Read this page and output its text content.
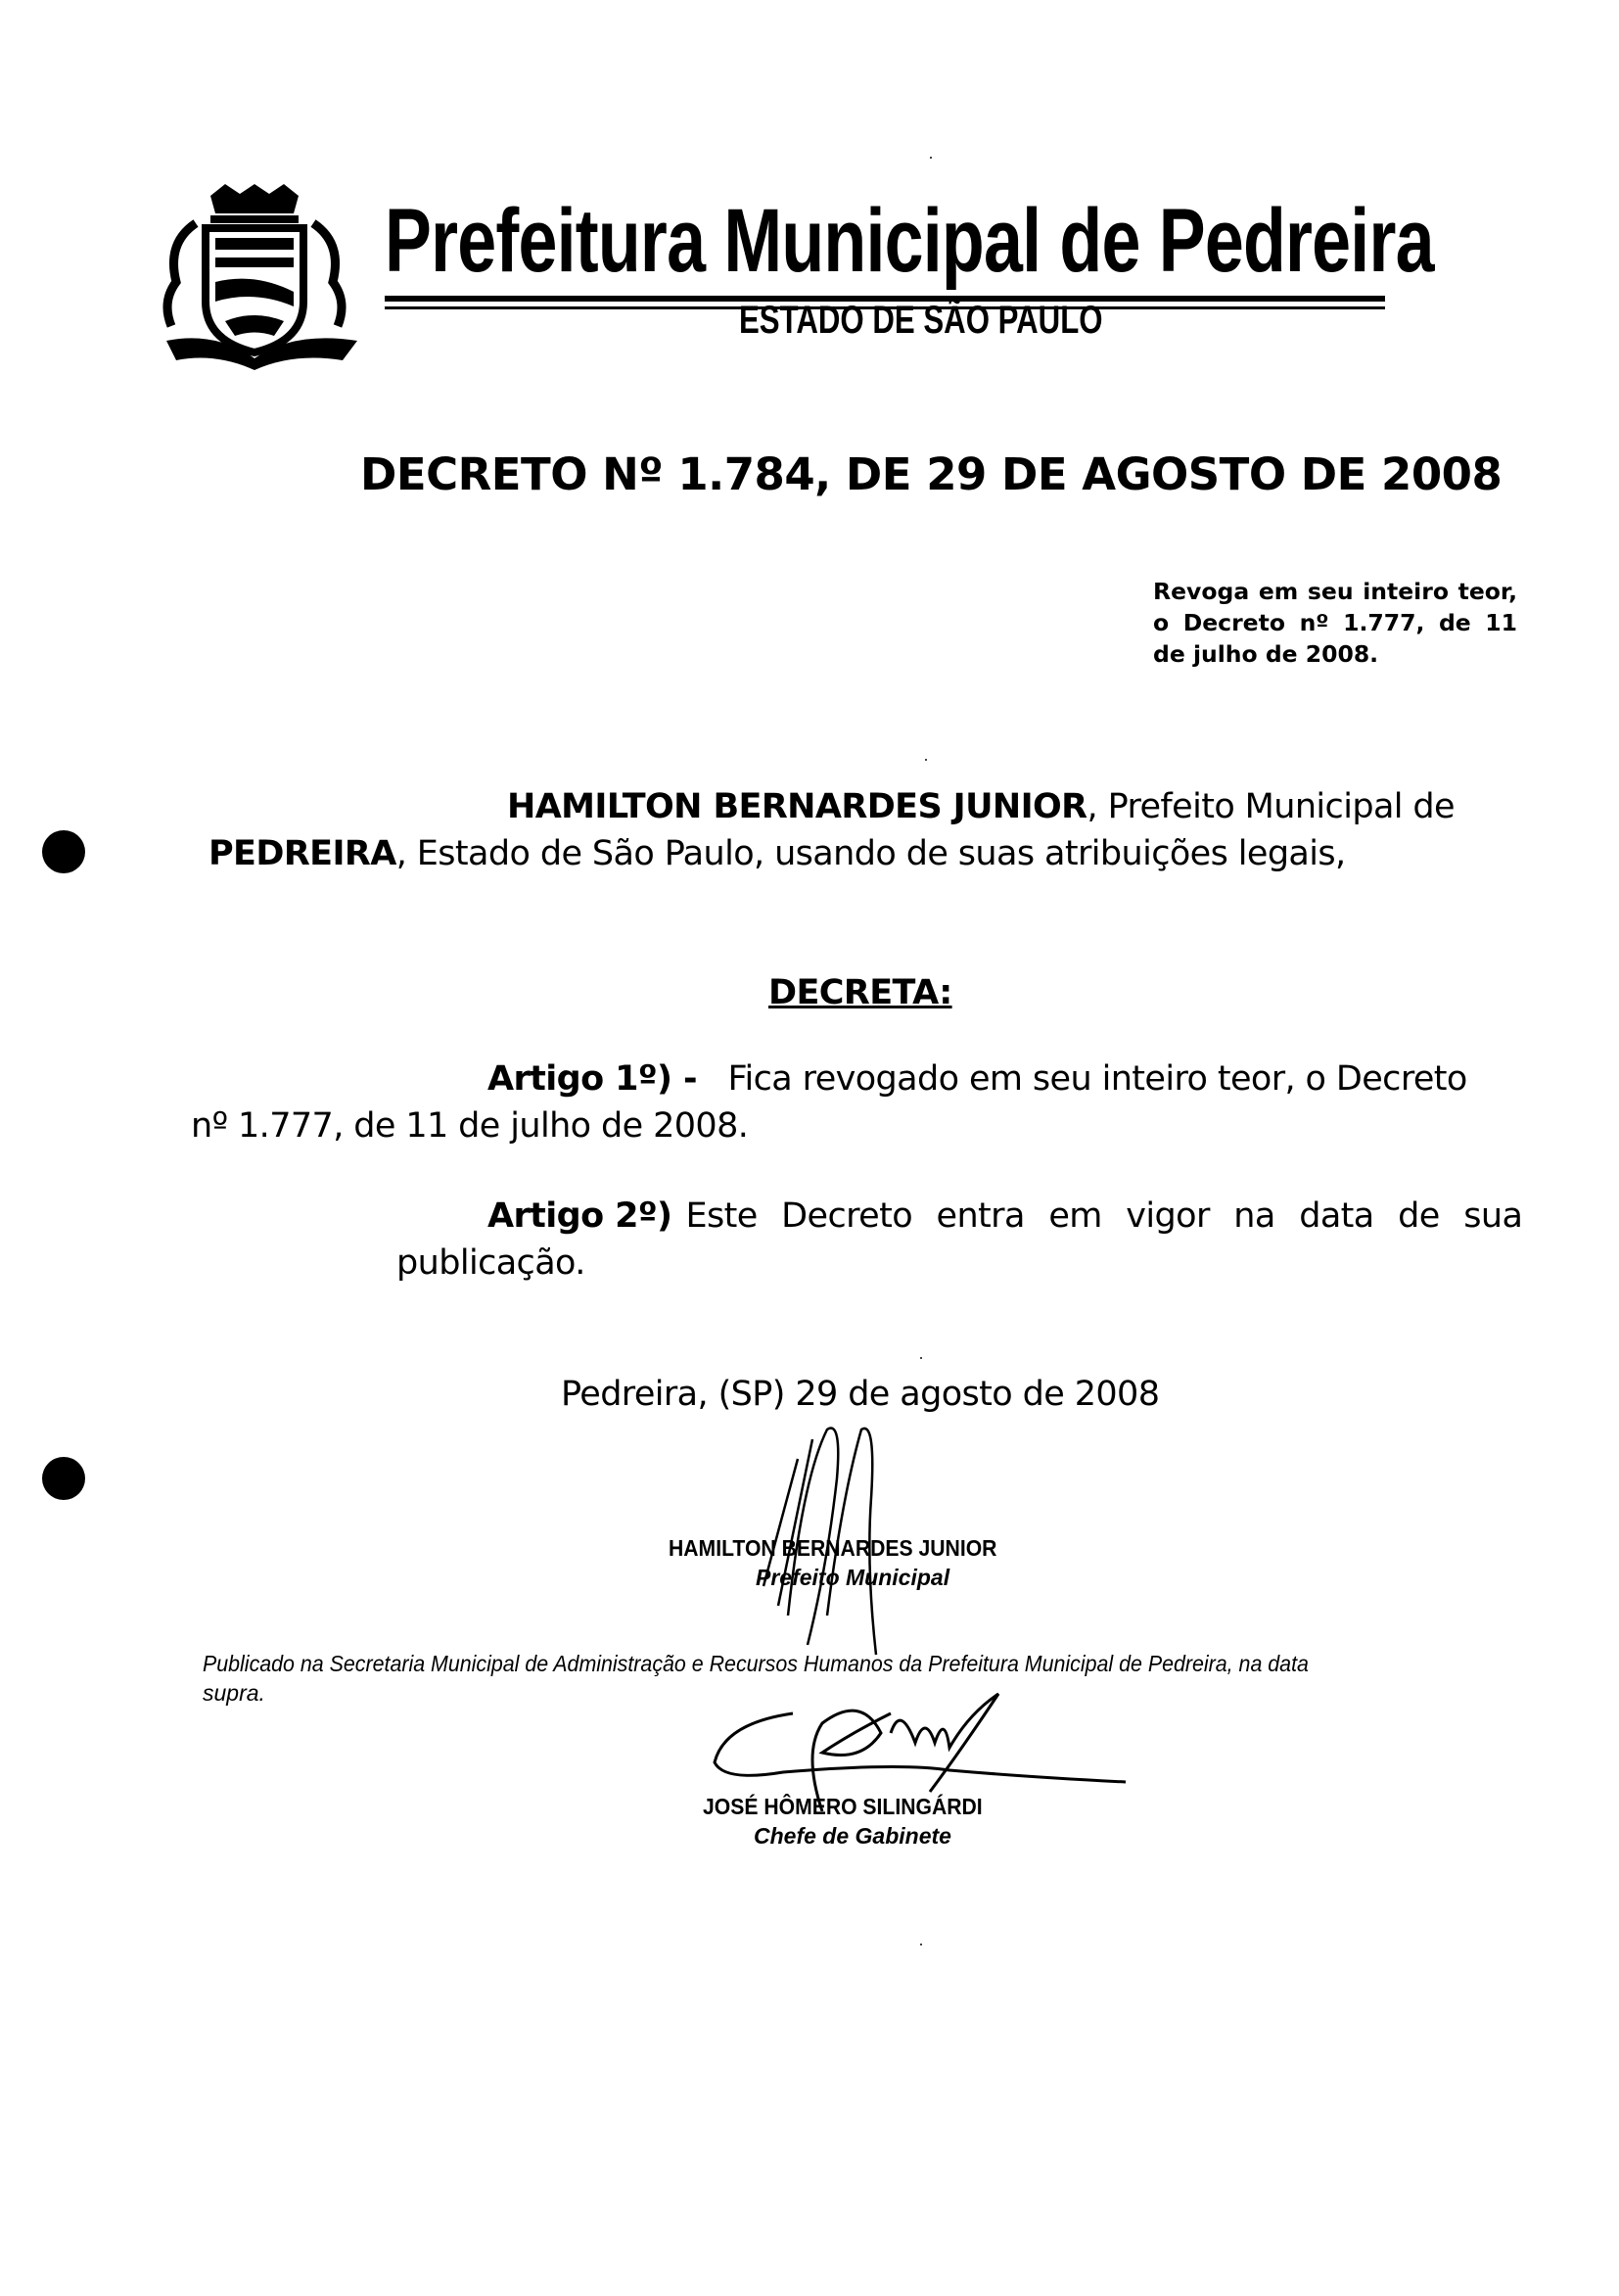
Prefeitura Municipal de Pedreira
ESTADO DE SÃO PAULO
DECRETO Nº 1.784, DE 29 DE AGOSTO DE 2008
Revoga em seu inteiro teor, o Decreto nº 1.777, de 11 de julho de 2008.
HAMILTON BERNARDES JUNIOR, Prefeito Municipal de
PEDREIRA, Estado de São Paulo, usando de suas atribuições legais,
DECRETA:
Artigo 1º) - Fica revogado em seu inteiro teor, o Decreto
nº 1.777, de 11 de julho de 2008.
Artigo 2º) Este Decreto entra em vigor na data de sua
publicação.
Pedreira, (SP) 29 de agosto de 2008
HAMILTON BERNARDES JUNIOR
Prefeito Municipal
Publicado na Secretaria Municipal de Administração e Recursos Humanos da Prefeitura Municipal de Pedreira, na data
supra.
JOSÉ HÔMERO SILINGÁRDI
Chefe de Gabinete
